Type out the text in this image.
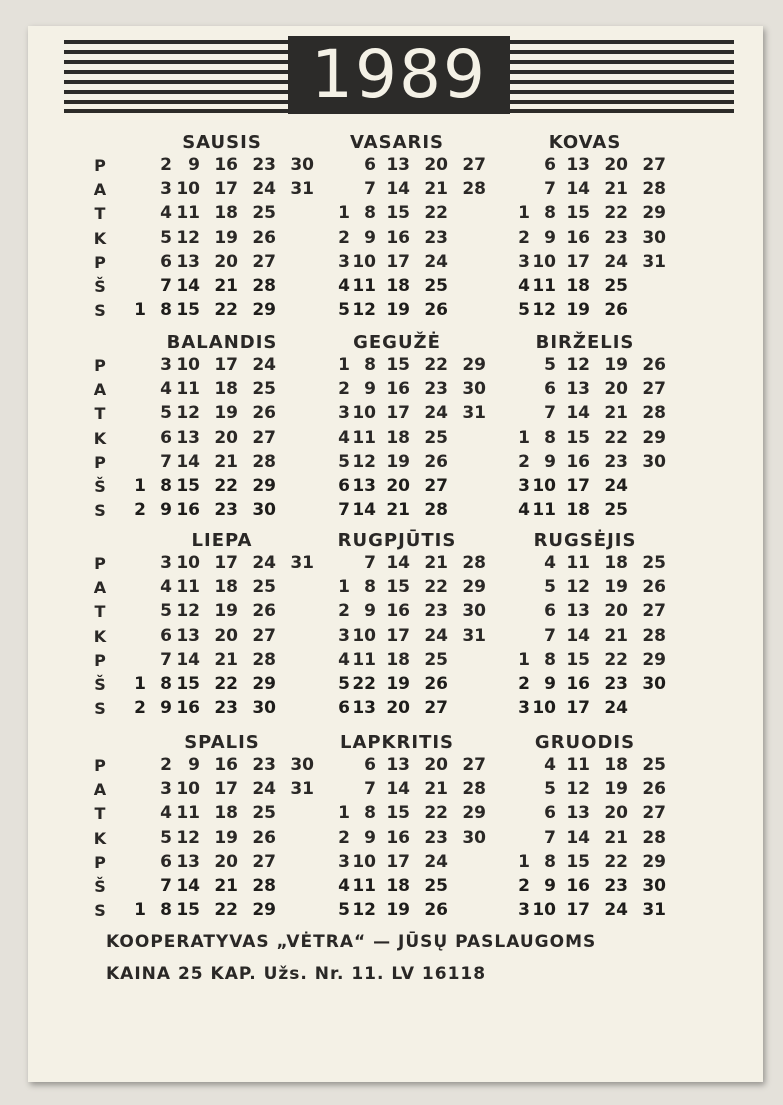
1989
SAUSIS
P
A
T
K
P
Š
S	1
2
3
4
5
6
7
8
9
10
11
12
13
14
15
16
17
18
19
20
21
22
23
24
25
26
27
28
29
30
31
VASARIS
1
2
3
4
5
6
7
8
9
10
11
12
13
14
15
16
17
18
19
20
21
22
23
24
25
26
27
28
KOVAS
1
2
3
4
5
6
7
8
9
10
11
12
13
14
15
16
17
18
19
20
21
22
23
24
25
26
27
28
29
30
31
BALANDIS
P
A
T
K
P
Š
S
1
2
3
4
5
6
7
8
9
10
11
12
13
14
15
16
17
18
19
20
21
22
23
24
25
26
27
28
29
30
GEGUŽĖ
1
2
3
4
5
6
7
8
9
10
11
12
13
14
15
16
17
18
19
20
21
22
23
24
25
26
27
28
29
30
31
BIRŽELIS
1
2
3
4
5
6
7
8
9
10
11
12
13
14
15
16
17
18
19
20
21
22
23
24
25
26
27
28
29
30
LIEPA
P
A
T
K
P
Š
S
1
2
3
4
5
6
7
8
9
10
11
12
13
14
15
16
17
18
19
20
21
22
23
24
25
26
27
28
29
30
31
RUGPJŪTIS
1
2
3
4
5
6
7
8
9
10
11
22
13
14
15
16
17
18
19
20
21
22
23
24
25
26
27
28
29
30
31
RUGSĖJIS
1
2
3
4
5
6
7
8
9
10
11
12
13
14
15
16
17
18
19
20
21
22
23
24
25
26
27
28
29
30
SPALIS
P
A
T
K
P
Š
S	1
2
3
4
5
6
7
8
9
10
11
12
13
14
15
16
17
18
19
20
21
22
23
24
25
26
27
28
29
30
31
LAPKRITIS
1
2
3
4
5
6
7
8
9
10
11
12
13
14
15
16
17
18
19
20
21
22
23
24
25
26
27
28
29
30
GRUODIS
1
2
3
4
5
6
7
8
9
10
11
12
13
14
15
16
17
18
19
20
21
22
23
24
25
26
27
28
29
30
31
KOOPERATYVAS „VĖTRA“ — JŪSŲ PASLAUGOMS
KAINA 25 KAP. Užs. Nr. 11. LV 16118
